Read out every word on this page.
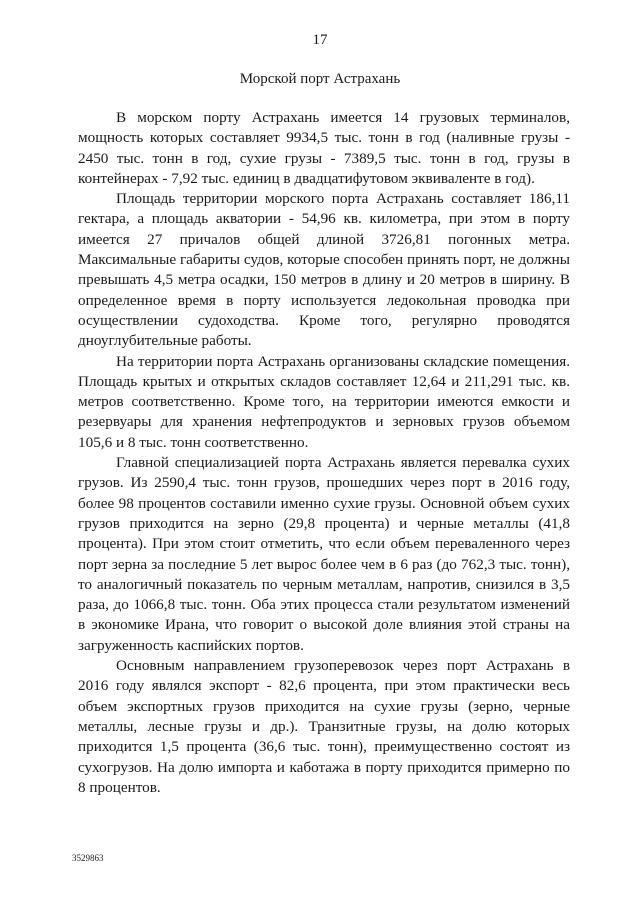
17
Морской порт Астрахань

В морском порту Астрахань имеется 14 грузовых терминалов, мощность которых составляет 9934,5 тыс. тонн в год (наливные грузы - 2450 тыс. тонн в год, сухие грузы - 7389,5 тыс. тонн в год, грузы в контейнерах - 7,92 тыс. единиц в двадцатифутовом эквиваленте в год).

Площадь территории морского порта Астрахань составляет 186,11 гектара, а площадь акватории - 54,96 кв. километра, при этом в порту имеется 27 причалов общей длиной 3726,81 погонных метра. Максимальные габариты судов, которые способен принять порт, не должны превышать 4,5 метра осадки, 150 метров в длину и 20 метров в ширину. В определенное время в порту используется ледокольная проводка при осуществлении судоходства. Кроме того, регулярно проводятся дноуглубительные работы.

На территории порта Астрахань организованы складские помещения. Площадь крытых и открытых складов составляет 12,64 и 211,291 тыс. кв. метров соответственно. Кроме того, на территории имеются емкости и резервуары для хранения нефтепродуктов и зерновых грузов объемом 105,6 и 8 тыс. тонн соответственно.

Главной специализацией порта Астрахань является перевалка сухих грузов. Из 2590,4 тыс. тонн грузов, прошедших через порт в 2016 году, более 98 процентов составили именно сухие грузы. Основной объем сухих грузов приходится на зерно (29,8 процента) и черные металлы (41,8 процента). При этом стоит отметить, что если объем переваленного через порт зерна за последние 5 лет вырос более чем в 6 раз (до 762,3 тыс. тонн), то аналогичный показатель по черным металлам, напротив, снизился в 3,5 раза, до 1066,8 тыс. тонн. Оба этих процесса стали результатом изменений в экономике Ирана, что говорит о высокой доле влияния этой страны на загруженность каспийских портов.

Основным направлением грузоперевозок через порт Астрахань в 2016 году являлся экспорт - 82,6 процента, при этом практически весь объем экспортных грузов приходится на сухие грузы (зерно, черные металлы, лесные грузы и др.). Транзитные грузы, на долю которых приходится 1,5 процента (36,6 тыс. тонн), преимущественно состоят из сухогрузов. На долю импорта и каботажа в порту приходится примерно по 8 процентов.

3529863
